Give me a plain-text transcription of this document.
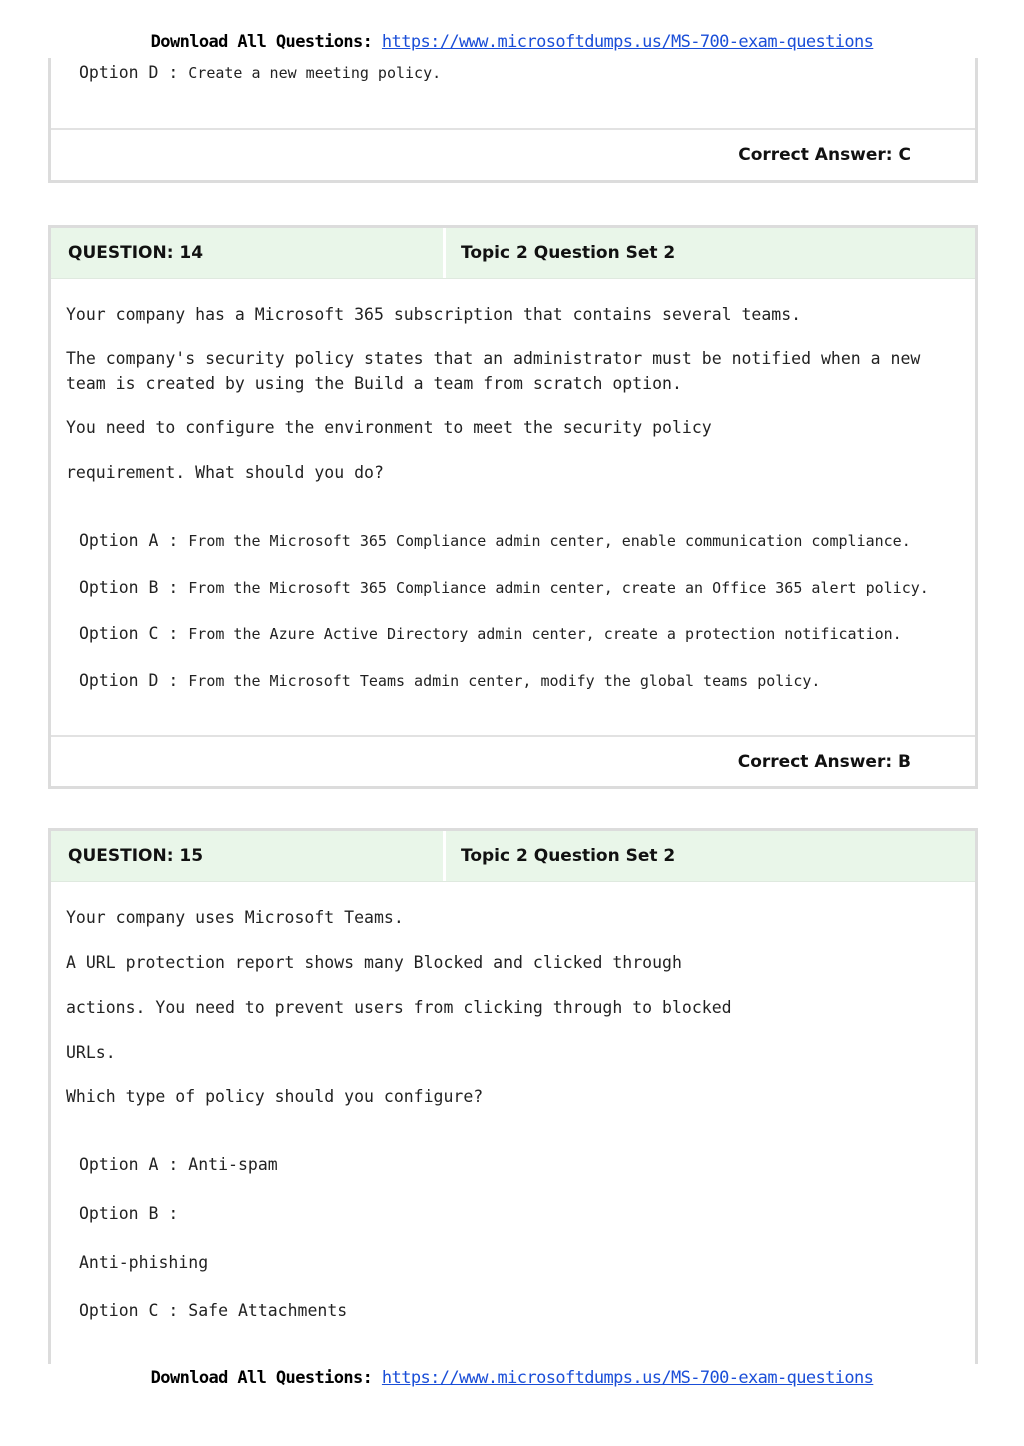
Download All Questions: https://www.microsoftdumps.us/MS-700-exam-questions
Option D : Create a new meeting policy.
Correct Answer: C
QUESTION: 14	Topic 2 Question Set 2

Your company has a Microsoft 365 subscription that contains several teams.

The company's security policy states that an administrator must be notified when a new team is created by using the Build a team from scratch option.

You need to configure the environment to meet the security policy

requirement. What should you do?

Option A : From the Microsoft 365 Compliance admin center, enable communication compliance.
Option B : From the Microsoft 365 Compliance admin center, create an Office 365 alert policy.
Option C : From the Azure Active Directory admin center, create a protection notification.
Option D : From the Microsoft Teams admin center, modify the global teams policy.
Correct Answer: B
QUESTION: 15	Topic 2 Question Set 2

Your company uses Microsoft Teams.

A URL protection report shows many Blocked and clicked through

actions. You need to prevent users from clicking through to blocked

URLs.

Which type of policy should you configure?

Option A : Anti-spam
Option B :
Anti-phishing
Option C : Safe Attachments
Download All Questions: https://www.microsoftdumps.us/MS-700-exam-questions
